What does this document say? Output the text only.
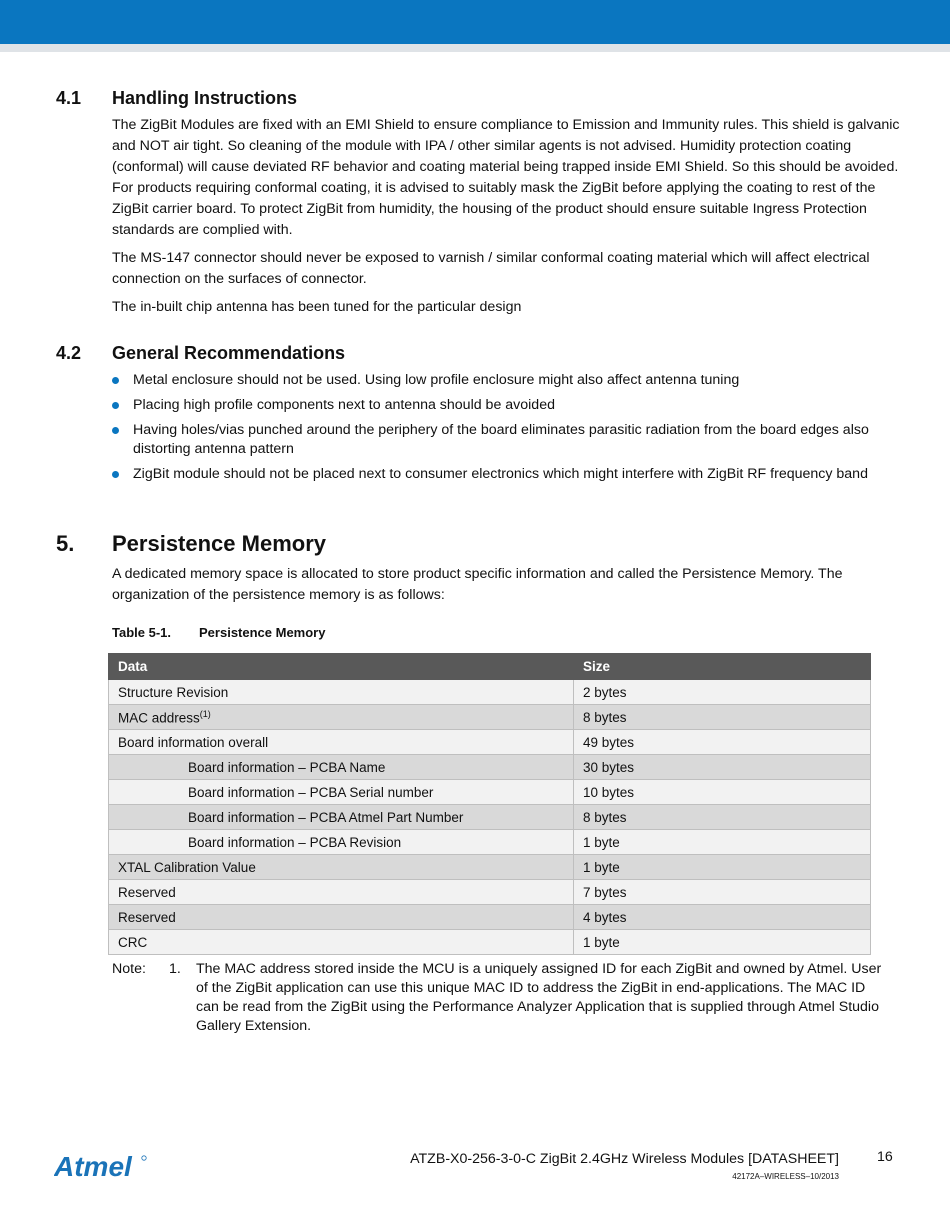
4.1 Handling Instructions

The ZigBit Modules are fixed with an EMI Shield to ensure compliance to Emission and Immunity rules. This shield is galvanic and NOT air tight. So cleaning of the module with IPA / other similar agents is not advised. Humidity protection coating (conformal) will cause deviated RF behavior and coating material being trapped inside EMI Shield. So this should be avoided. For products requiring conformal coating, it is advised to suitably mask the ZigBit before applying the coating to rest of the ZigBit carrier board. To protect ZigBit from humidity, the housing of the product should ensure suitable Ingress Protection standards are complied with.

The MS-147 connector should never be exposed to varnish / similar conformal coating material which will affect electrical connection on the surfaces of connector.

The in-built chip antenna has been tuned for the particular design

4.2 General Recommendations
Metal enclosure should not be used. Using low profile enclosure might also affect antenna tuning
Placing high profile components next to antenna should be avoided
Having holes/vias punched around the periphery of the board eliminates parasitic radiation from the board edges also distorting antenna pattern
ZigBit module should not be placed next to consumer electronics which might interfere with ZigBit RF frequency band
5. Persistence Memory

A dedicated memory space is allocated to store product specific information and called the Persistence Memory. The organization of the persistence memory is as follows:

Table 5-1. Persistence Memory
Data	Size
Structure Revision	2 bytes
MAC address$^{(1)}$	8 bytes
Board information overall	49 bytes
Board information – PCBA Name	30 bytes
Board information – PCBA Serial number	10 bytes
Board information – PCBA Atmel Part Number	8 bytes
Board information – PCBA Revision	1 byte
XTAL Calibration Value	1 byte
Reserved	7 bytes
Reserved	4 bytes
CRC	1 byte
Note: 1. The MAC address stored inside the MCU is a uniquely assigned ID for each ZigBit and owned by Atmel. User of the ZigBit application can use this unique MAC ID to address the ZigBit in end-applications. The MAC ID can be read from the ZigBit using the Performance Analyzer Application that is supplied through Atmel Studio Gallery Extension.

Atmel	ATZB-X0-256-3-0-C ZigBit 2.4GHz Wireless Modules [DATASHEET]
42172A–WIRELESS–10/2013
16
